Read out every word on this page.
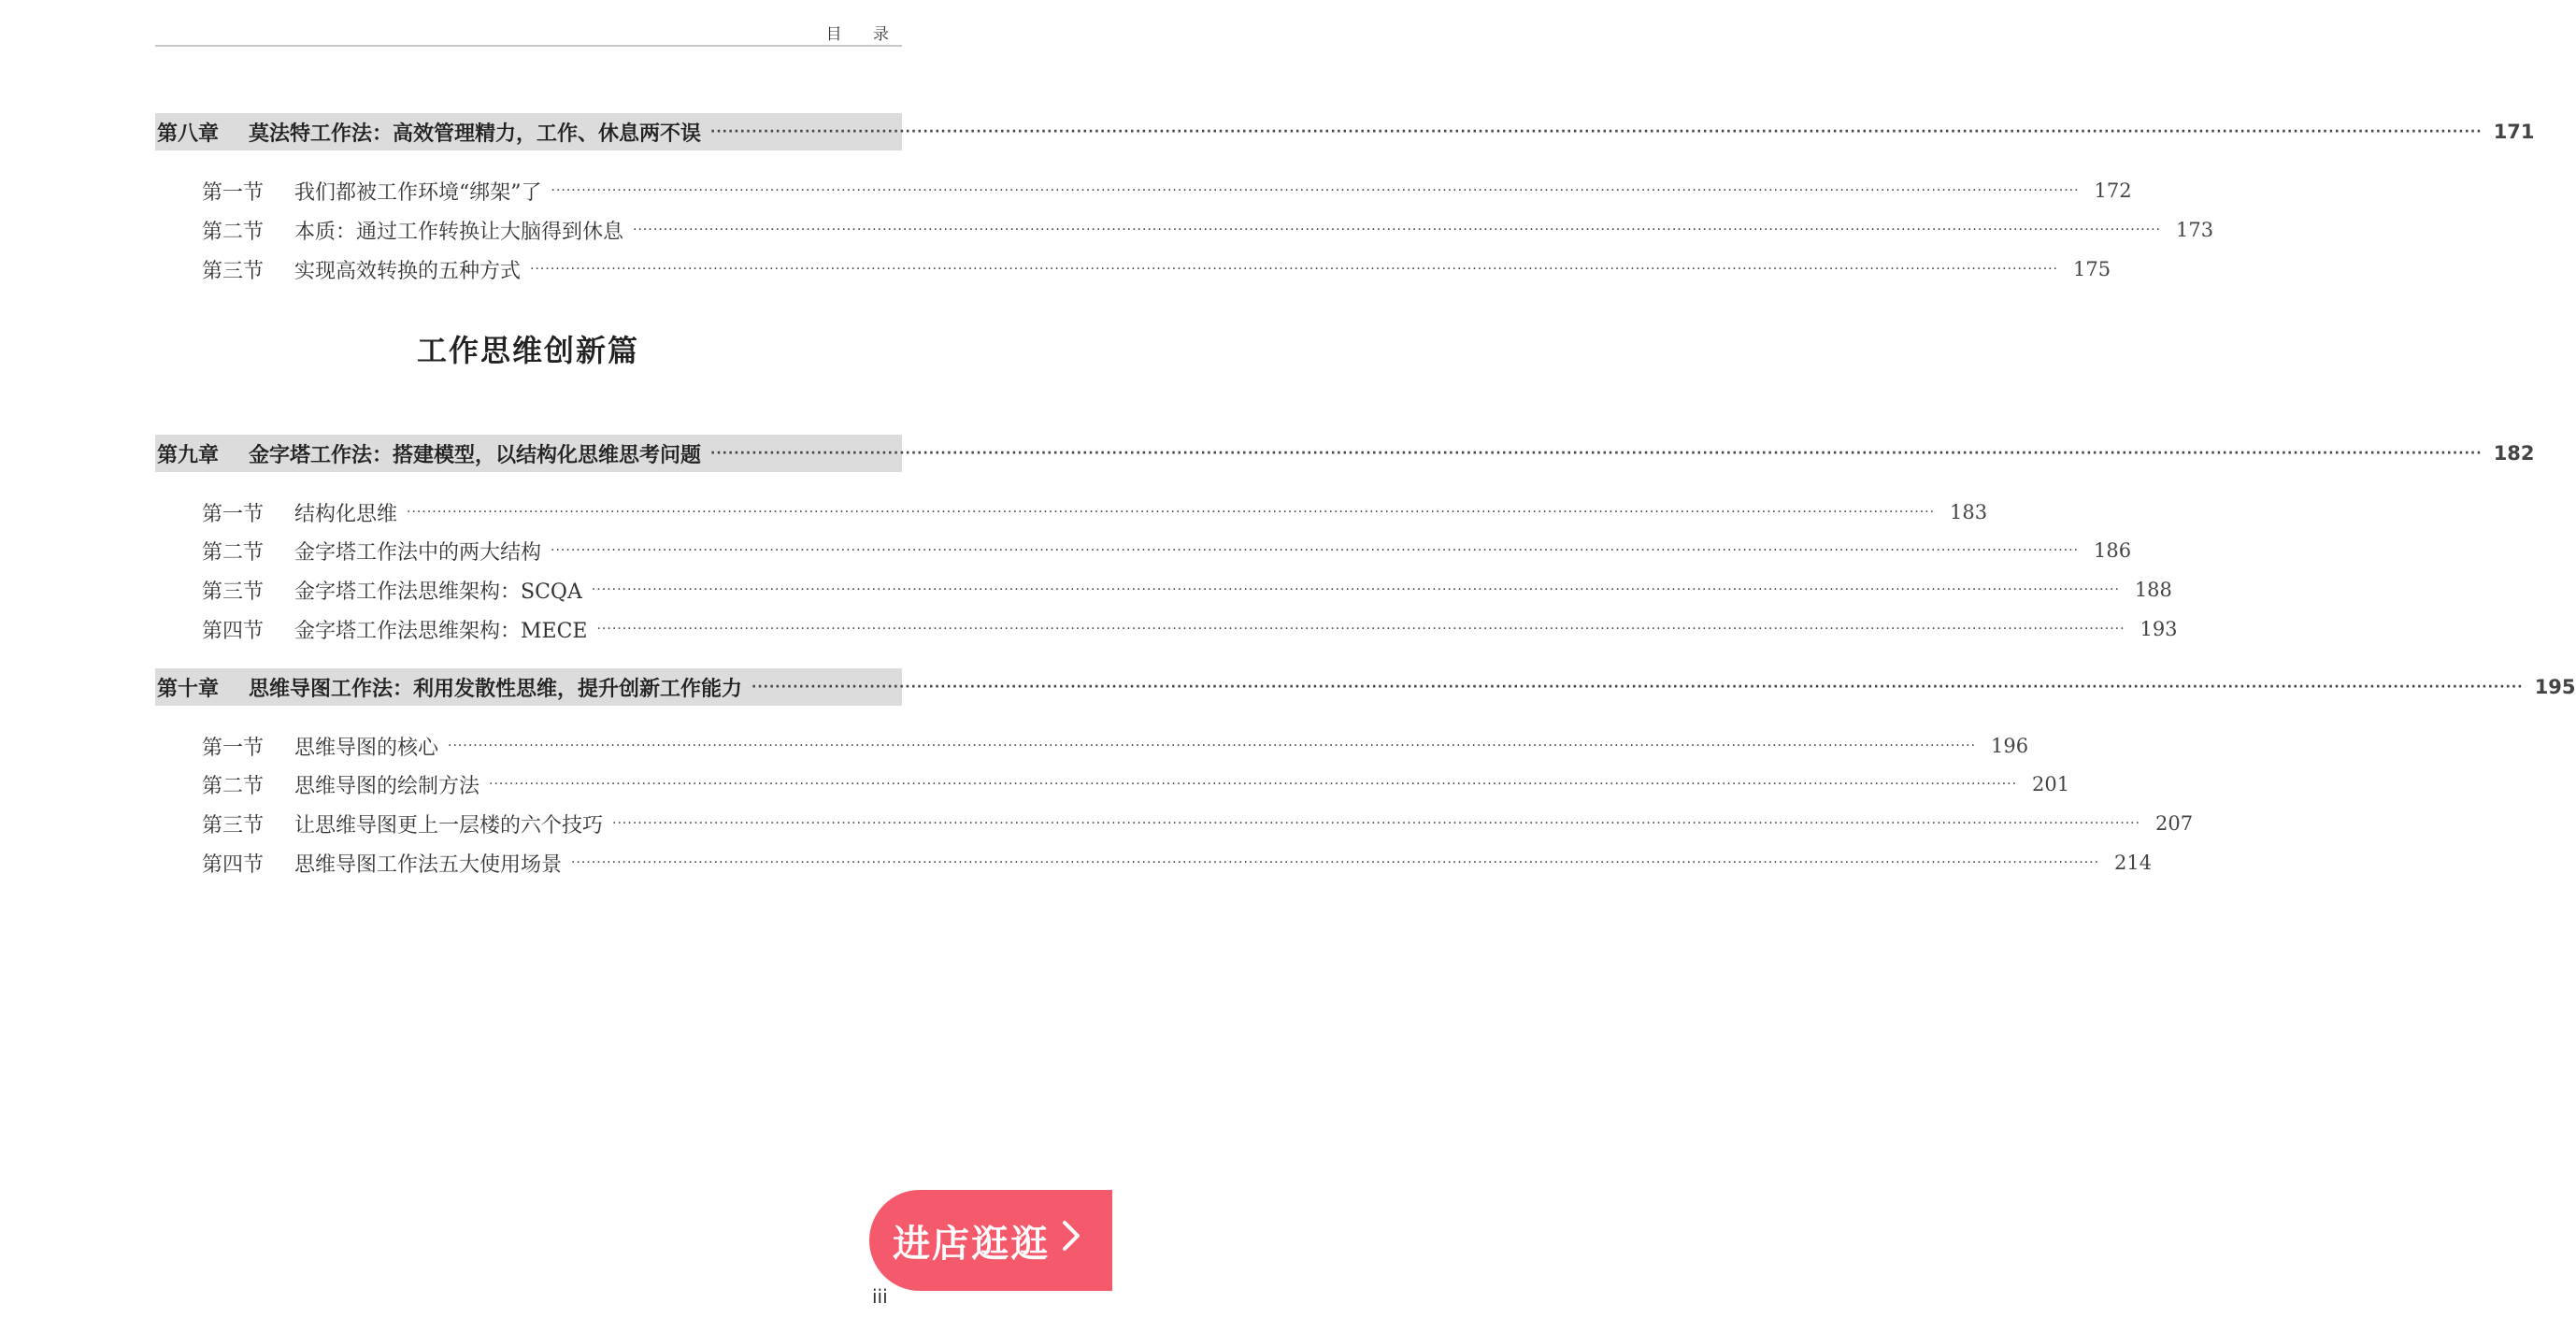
目 录
第八章	莫法特工作法：高效管理精力，工作、休息两不误 ············································································································································································································································································································ 171
第一节	我们都被工作环境“绑架”了 ············································································································································································································································································································ 172
第二节	本质：通过工作转换让大脑得到休息 ············································································································································································································································································································ 173
第三节	实现高效转换的五种方式 ············································································································································································································································································································ 175
工作思维创新篇
第九章	金字塔工作法：搭建模型，以结构化思维思考问题 ············································································································································································································································································································ 182
第一节	结构化思维 ············································································································································································································································································································ 183
第二节	金字塔工作法中的两大结构 ············································································································································································································································································································ 186
第三节	金字塔工作法思维架构：SCQA ············································································································································································································································································································ 188
第四节	金字塔工作法思维架构：MECE ············································································································································································································································································································ 193
第十章	思维导图工作法：利用发散性思维，提升创新工作能力 ············································································································································································································································································································ 195
第一节	思维导图的核心 ············································································································································································································································································································ 196
第二节	思维导图的绘制方法 ············································································································································································································································································································ 201
第三节	让思维导图更上一层楼的六个技巧 ············································································································································································································································································································ 207
第四节	思维导图工作法五大使用场景 ············································································································································································································································································································ 214
进店逛逛
iii
